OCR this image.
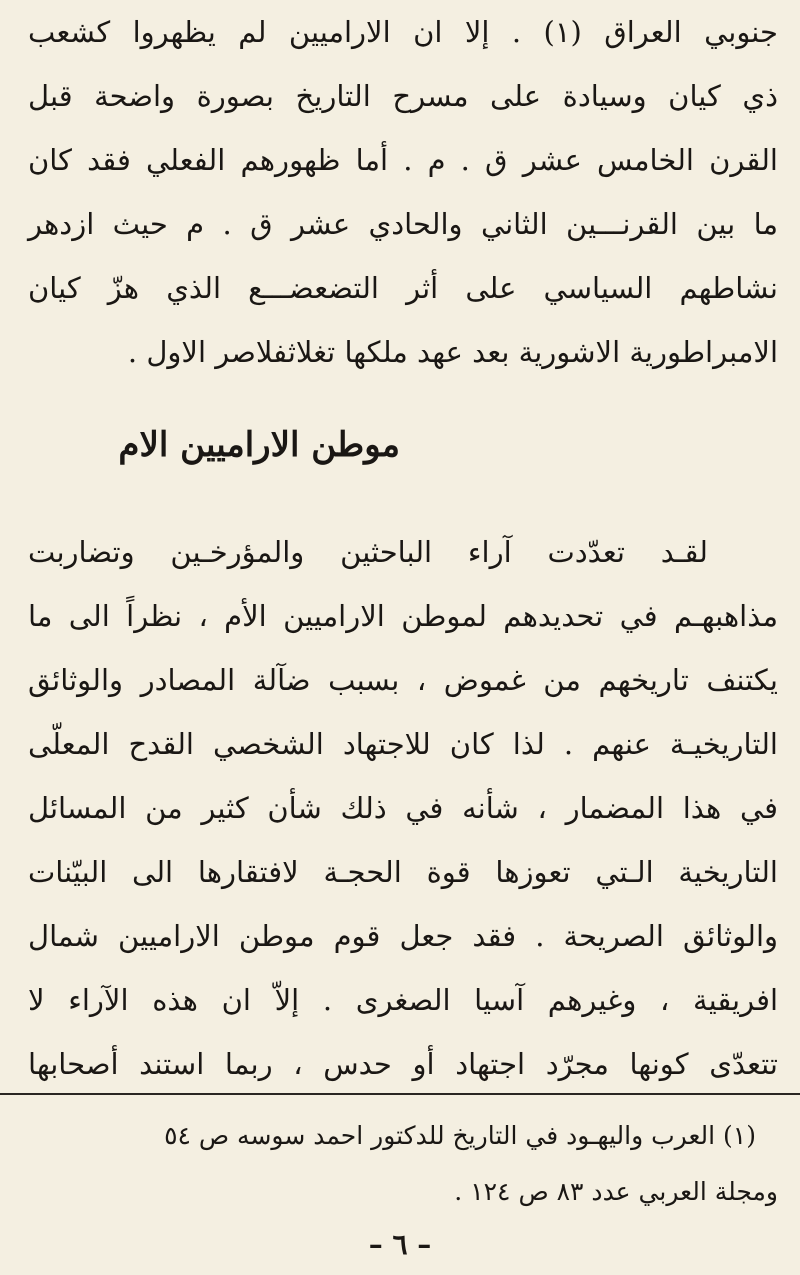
جنوبي العراق (١) . إلا ان الاراميين لم يظهروا كشعب
ذي كيان وسيادة على مسرح التاريخ بصورة واضحة قبل
القرن الخامس عشر ق . م . أما ظهورهم الفعلي فقد كان
ما بين القرنـــين الثاني والحادي عشر ق . م حيث ازدهر
نشاطهم السياسي على أثر التضعضـــع الذي هزّ كيان
الامبراطورية الاشورية بعد عهد ملكها تغلاثفلاصر الاول .
موطن الاراميين الام
لقـد تعدّدت آراء الباحثين والمؤرخـين وتضاربت
مذاهبهـم في تحديدهم لموطن الاراميين الأم ، نظراً الى ما
يكتنف تاريخهم من غموض ، بسبب ضآلة المصادر والوثائق
التاريخيـة عنهم . لذا كان للاجتهاد الشخصي القدح المعلّى
في هذا المضمار ، شأنه في ذلك شأن كثير من المسائل
التاريخية الـتي تعوزها قوة الحجـة لافتقارها الى البيّنات
والوثائق الصريحة . فقد جعل قوم موطن الاراميين شمال
افريقية ، وغيرهم آسيا الصغرى . إلاّ ان هذه الآراء لا
تتعدّى كونها مجرّد اجتهاد أو حدس ، ربما استند أصحابها
(١) العرب واليهـود في التاريخ للدكتور احمد سوسه ص ٥٤
ومجلة العربي عدد ٨٣ ص ١٢٤ .
– ٦ –
